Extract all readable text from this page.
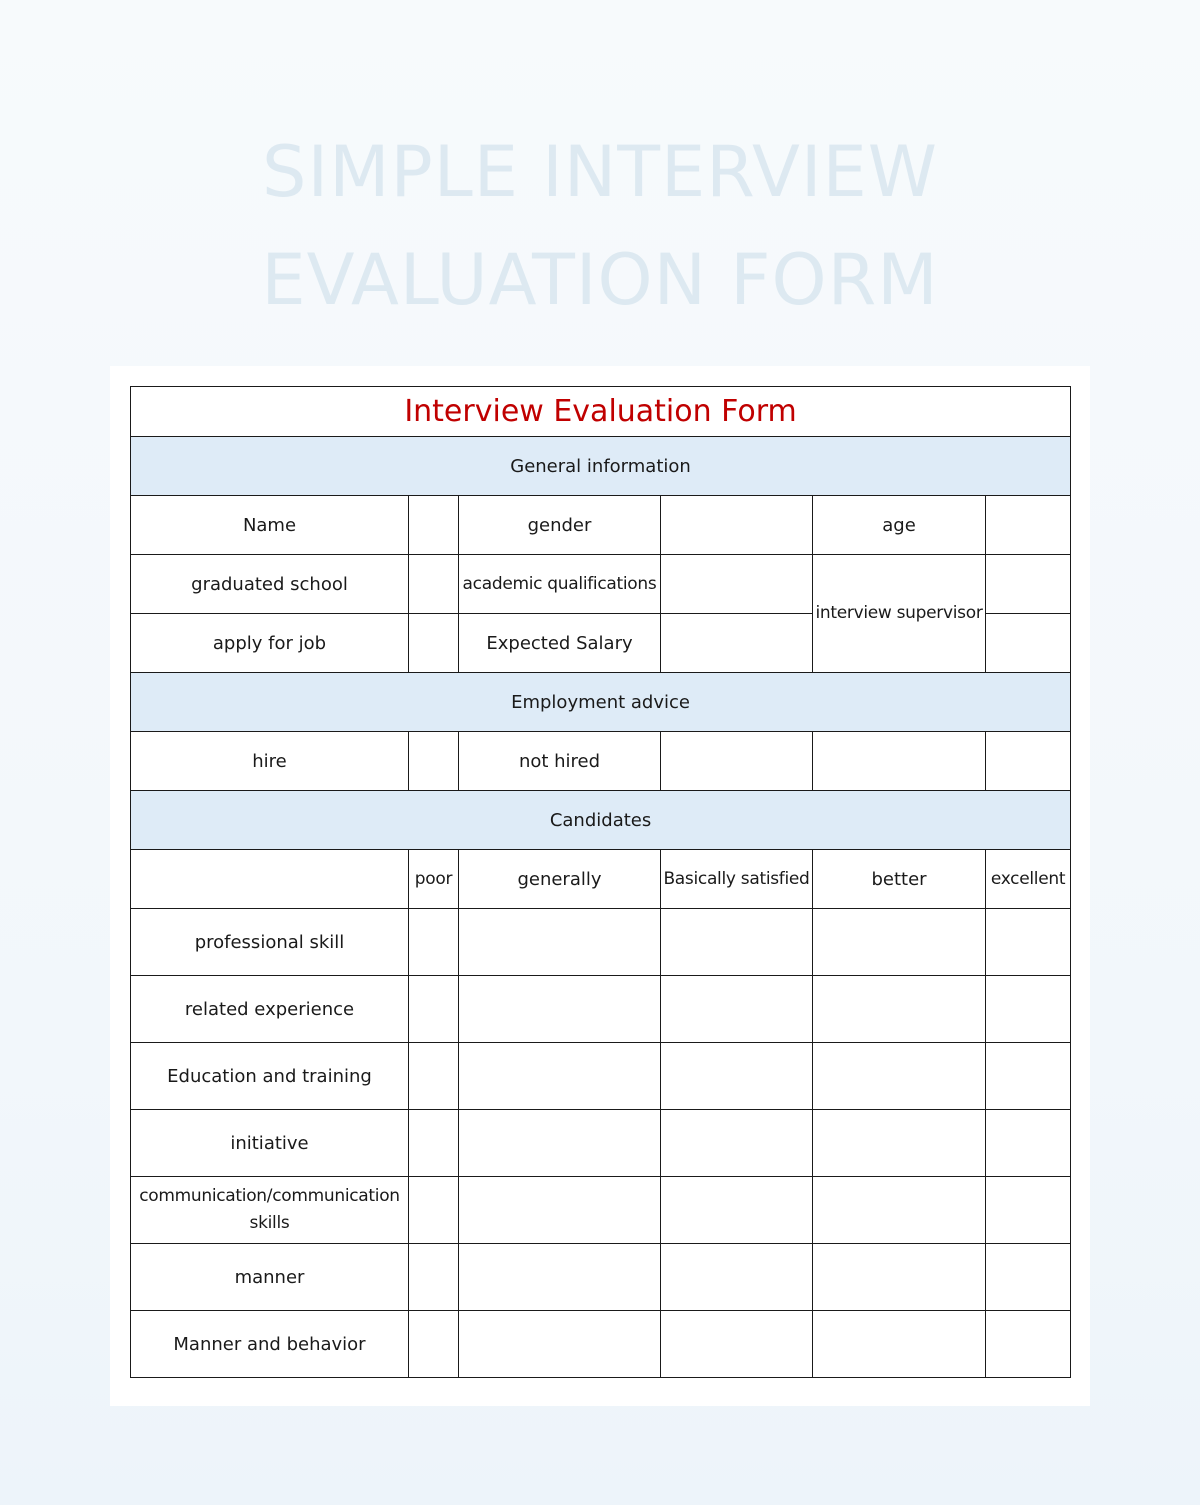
SIMPLE INTERVIEW
EVALUATION FORM
Interview Evaluation Form					
General information					
Name		gender		age	
graduated school		academic qualifications		interview supervisor	
apply for job		Expected Salary			
Employment advice					
hire		not hired			
Candidates					
	poor	generally	Basically satisfied	better	excellent
professional skill					
related experience					
Education and training					
initiative					
communication/communication skills					
manner					
Manner and behavior					
